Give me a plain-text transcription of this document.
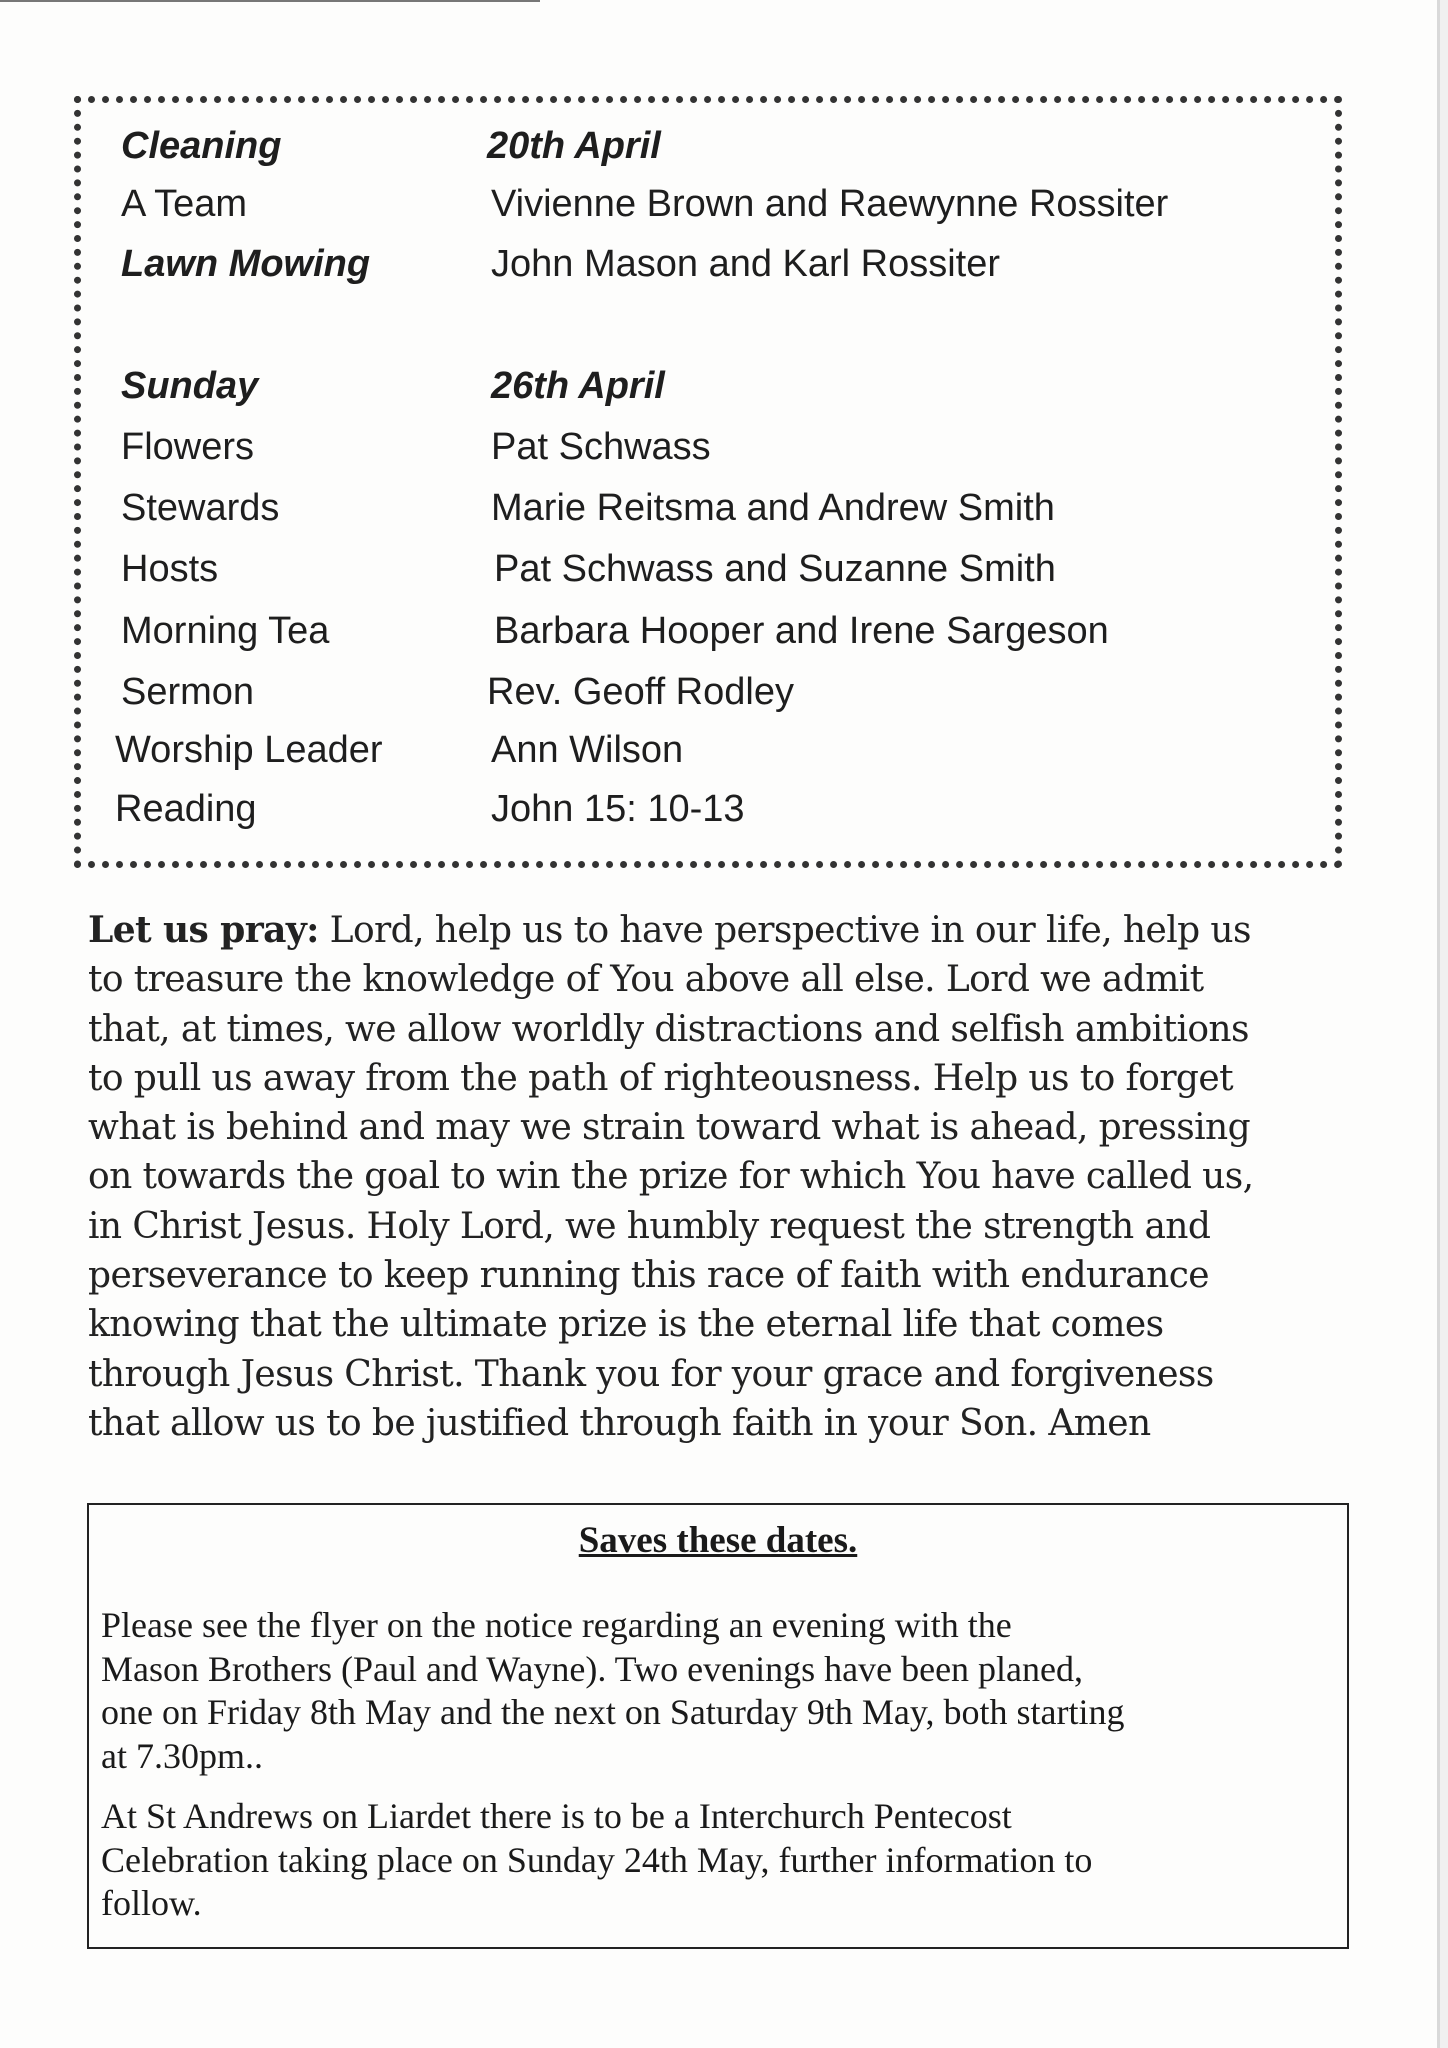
Cleaning	20th April
A Team	Vivienne Brown and Raewynne Rossiter
Lawn Mowing	John Mason and Karl Rossiter
Sunday	26th April
Flowers	Pat Schwass
Stewards	Marie Reitsma and Andrew Smith
Hosts	Pat Schwass and Suzanne Smith
Morning Tea	Barbara Hooper and Irene Sargeson
Sermon	Rev. Geoff Rodley
Worship Leader	Ann Wilson
Reading	John 15: 10-13
Let us pray: Lord, help us to have perspective in our life, help us
to treasure the knowledge of You above all else. Lord we admit
that, at times, we allow worldly distractions and selfish ambitions
to pull us away from the path of righteousness. Help us to forget
what is behind and may we strain toward what is ahead, pressing
on towards the goal to win the prize for which You have called us,
in Christ Jesus. Holy Lord, we humbly request the strength and
perseverance to keep running this race of faith with endurance
knowing that the ultimate prize is the eternal life that comes
through Jesus Christ. Thank you for your grace and forgiveness
that allow us to be justified through faith in your Son. Amen
Saves these dates.
Please see the flyer on the notice regarding an evening with the
Mason Brothers (Paul and Wayne). Two evenings have been planed,
one on Friday 8th May and the next on Saturday 9th May, both starting
at 7.30pm..
At St Andrews on Liardet there is to be a Interchurch Pentecost
Celebration taking place on Sunday 24th May, further information to
follow.
